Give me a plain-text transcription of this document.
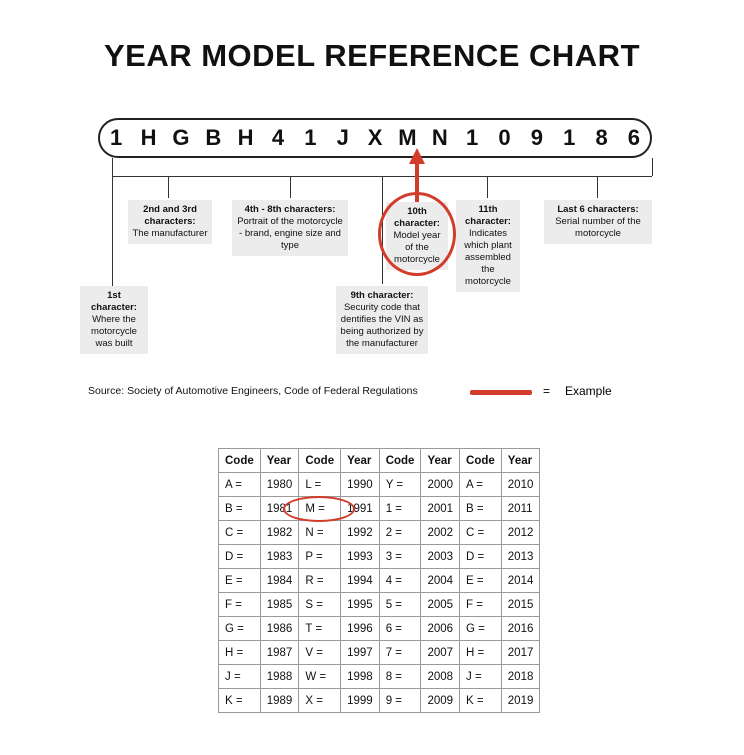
YEAR MODEL REFERENCE CHART
1 H G B H 4 1 J X M N 1 0 9 1 8 6
2nd and 3rd characters:
The manufacturer
4th - 8th characters:
Portrait of the motorcycle - brand, engine size and type
10th character:
Model year of the motorcycle
11th character:
Indicates which plant assembled the motorcycle
Last 6 characters:
Serial number of the motorcycle
9th character:
Security code that dentifies the VIN as being authorized by the manufacturer
1st character:
Where the motorcycle was built
Source: Society of Automotive Engineers, Code of Federal Regulations	= Example
Code	Year	Code	Year	Code	Year	Code	Year
A =	1980	L =	1990	Y =	2000	A =	2010
B =	1981	M =	1991	1 =	2001	B =	2011
C =	1982	N =	1992	2 =	2002	C =	2012
D =	1983	P =	1993	3 =	2003	D =	2013
E =	1984	R =	1994	4 =	2004	E =	2014
F =	1985	S =	1995	5 =	2005	F =	2015
G =	1986	T =	1996	6 =	2006	G =	2016
H =	1987	V =	1997	7 =	2007	H =	2017
J =	1988	W =	1998	8 =	2008	J =	2018
K =	1989	X =	1999	9 =	2009	K =	2019
